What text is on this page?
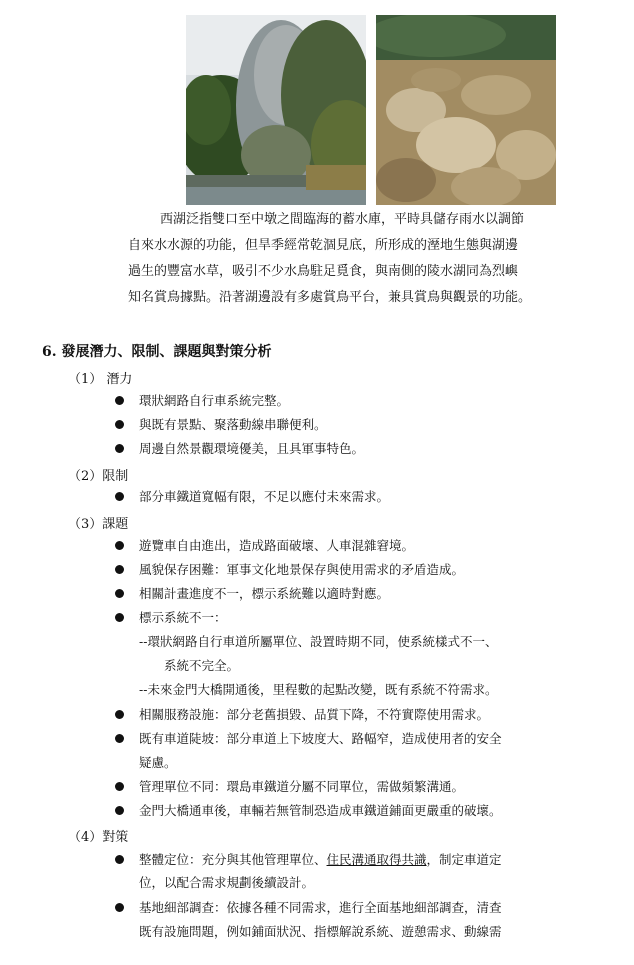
西湖泛指雙口至中墩之間臨海的蓄水庫，平時具儲存雨水以調節

自來水水源的功能，但旱季經常乾涸見底，所形成的溼地生態與湖邊

過生的豐富水草，吸引不少水鳥駐足覓食，與南側的陵水湖同為烈嶼

知名賞鳥據點。沿著湖邊設有多處賞鳥平台，兼具賞鳥與觀景的功能。

6. 發展潛力、限制、課題與對策分析
（1） 潛力
環狀網路自行車系統完整。
與既有景點、聚落動線串聯便利。
周邊自然景觀環境優美，且具軍事特色。
（2）限制
部分車鐵道寬幅有限，不足以應付未來需求。
（3）課題
遊覽車自由進出，造成路面破壞、人車混雜窘境。
風貌保存困難：軍事文化地景保存與使用需求的矛盾造成。
相關計畫進度不一，標示系統難以適時對應。
標示系統不一：
--環狀網路自行車道所屬單位、設置時期不同，使系統樣式不一、
系統不完全。
--未來金門大橋開通後，里程數的起點改變，既有系統不符需求。
相關服務設施：部分老舊損毀、品質下降，不符實際使用需求。
既有車道陡坡：部分車道上下坡度大、路幅窄，造成使用者的安全
疑慮。
管理單位不同：環島車鐵道分屬不同單位，需做頻繁溝通。
金門大橋通車後，車輛若無管制恐造成車鐵道鋪面更嚴重的破壞。
（4）對策
整體定位：充分與其他管理單位、住民溝通取得共識，制定車道定
位，以配合需求規劃後續設計。
基地細部調查：依據各種不同需求，進行全面基地細部調查，清查
既有設施問題，例如鋪面狀況、指標解說系統、遊憩需求、動線需
